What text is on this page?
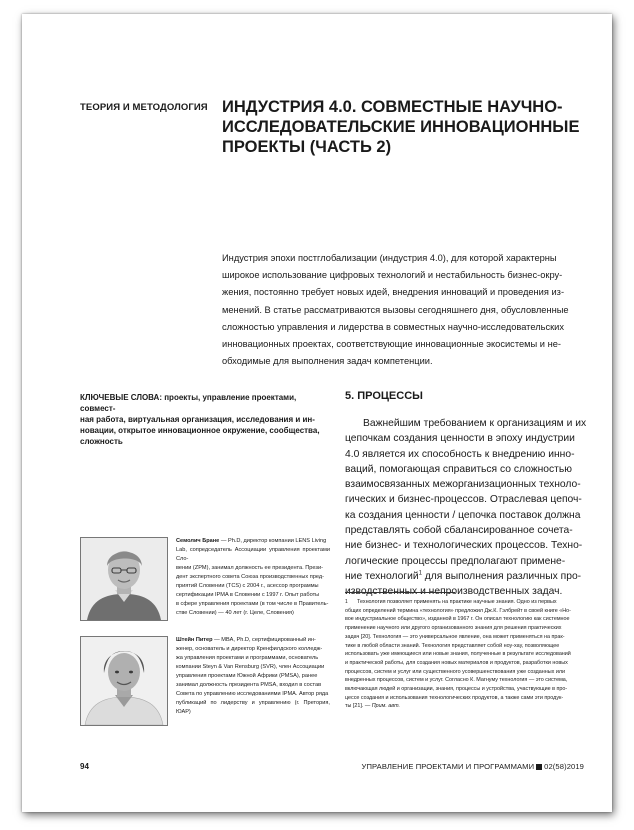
ТЕОРИЯ И МЕТОДОЛОГИЯ ИНДУСТРИЯ 4.0. СОВМЕСТНЫЕ НАУЧНО-
ИССЛЕДОВАТЕЛЬСКИЕ ИННОВАЦИОННЫЕ
ПРОЕКТЫ (ЧАСТЬ 2)

Индустрия эпохи постглобализации (индустрия 4.0), для которой характерны
широкое использование цифровых технологий и нестабильность бизнес-окру-
жения, постоянно требует новых идей, внедрения инноваций и проведения из-
менений. В статье рассматриваются вызовы сегодняшнего дня, обусловленные
сложностью управления и лидерства в совместных научно-исследовательских
инновационных проектах, соответствующие инновационные экосистемы и не-
обходимые для выполнения задач компетенции.

КЛЮЧЕВЫЕ СЛОВА: проекты, управление проектами, совмест-
ная работа, виртуальная организация, исследования и ин-
новации, открытое инновационное окружение, сообщества,
сложность

5. ПРОЦЕССЫ

Важнейшим требованием к организациям и их
цепочкам создания ценности в эпоху индустрии
4.0 является их способность к внедрению инно-
ваций, помогающая справиться со сложностью
взаимосвязанных межорганизационных техноло-
гических и бизнес-процессов. Отраслевая цепоч-
ка создания ценности / цепочка поставок должна
представлять собой сбалансированное сочета-
ние бизнес- и технологических процессов. Техно-
логические процессы предполагают примене-
ние технологий$^1$ для выполнения различных про-
изводственных и непроизводственных задач.

1 Технология позволяет применять на практике научные знания. Одно из первых
общих определений термина «технология» предложил Дж.К. Гэлбрейт в своей книге «Но-
вое индустриальное общество», изданной в 1967 г. Он описал технологию как системное
применение научного или другого организованного знания для решения практических
задач [20]. Технология — это универсальное явление, она может применяться на прак-
тике в любой области знаний. Технология представляет собой ноу-хау, позволяющее
использовать уже имеющиеся или новые знания, полученные в результате исследований
и практической работы, для создания новых материалов и продуктов, разработки новых
процессов, систем и услуг или существенного усовершенствования уже созданных или
внедренных процессов, систем и услуг. Согласно К. Магнуму технология — это система,
включающая людей и организации, знания, процессы и устройства, участвующие в про-
цессе создания и использования технологических продуктов, а также сами эти продук-
ты [21]. — Прим. авт.

Семолич Бране — Ph.D, директор компании LENS Living
Lab, сопредседатель Ассоциации управления проектами Сло-
вении (ZPM), занимал должность ее президента. Прези-
дент экспертного совета Союза производственных пред-
приятий Словении (TCS) с 2004 г., асессор программы
сертификации IPMA в Словении с 1997 г. Опыт работы
в сфере управления проектами (в том числе в Правитель-
стве Словении) — 40 лет (г. Целе, Словения)

Штейн Питер — MBA, Ph.D, сертифицированный ин-
женер, основатель и директор Кренфилдского колледж-
жа управления проектами и программами, основатель
компании Steyn & Van Rensburg (SVR), член Ассоциации
управления проектами Южной Африки (PMSA), ранее
занимал должность президента PMSA, входил в состав
Совета по управлению исследованиями IPMA. Автор ряда
публикаций по лидерству и управлению (г. Претория, ЮАР)

94	УПРАВЛЕНИЕ ПРОЕКТАМИ И ПРОГРАММАМИ 02(58)2019
